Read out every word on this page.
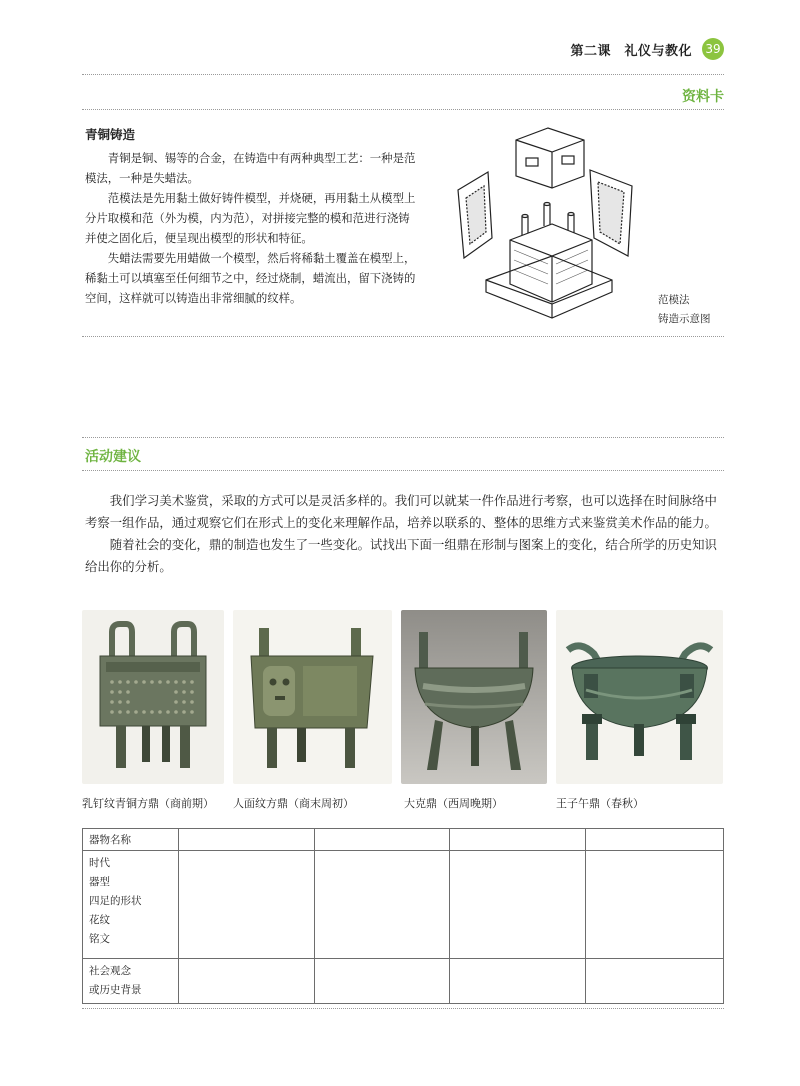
第二课　礼仪与教化 39
资料卡
青铜铸造

青铜是铜、锡等的合金，在铸造中有两种典型工艺：一种是范模法，一种是失蜡法。

范模法是先用黏土做好铸件模型，并烧硬，再用黏土从模型上分片取模和范（外为模，内为范），对拼接完整的模和范进行浇铸并使之固化后，便呈现出模型的形状和特征。

失蜡法需要先用蜡做一个模型，然后将稀黏土覆盖在模型上，稀黏土可以填塞至任何细节之中，经过烧制，蜡流出，留下浇铸的空间，这样就可以铸造出非常细腻的纹样。	范模法
铸造示意图
活动建议

我们学习美术鉴赏，采取的方式可以是灵活多样的。我们可以就某一件作品进行考察，也可以选择在时间脉络中考察一组作品，通过观察它们在形式上的变化来理解作品，培养以联系的、整体的思维方式来鉴赏美术作品的能力。

随着社会的变化，鼎的制造也发生了一些变化。试找出下面一组鼎在形制与图案上的变化，结合所学的历史知识给出你的分析。

乳钉纹青铜方鼎（商前期） 人面纹方鼎（商末周初）	大克鼎（西周晚期）	王子午鼎（春秋）
器物名称				

时代
器型
四足的形状
花纹
铭文				

社会观念
或历史背景				
